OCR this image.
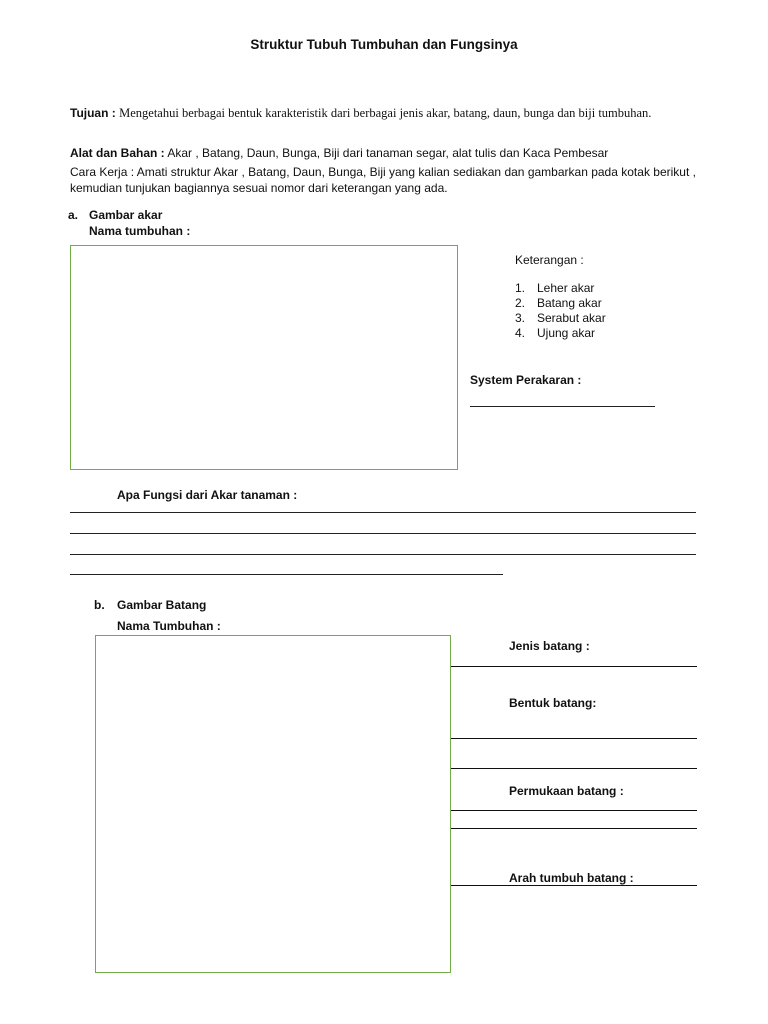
Struktur Tubuh Tumbuhan dan Fungsinya
Tujuan : Mengetahui berbagai bentuk karakteristik dari berbagai jenis akar, batang, daun, bunga dan biji tumbuhan.
Alat dan Bahan : Akar , Batang, Daun, Bunga, Biji dari tanaman segar, alat tulis dan Kaca Pembesar
Cara Kerja : Amati struktur Akar , Batang, Daun, Bunga, Biji yang kalian sediakan dan gambarkan pada kotak berikut , kemudian tunjukan bagiannya sesuai nomor dari keterangan yang ada.
a. Gambar akar
Nama tumbuhan :
Keterangan :
1. Leher akar
2. Batang akar
3. Serabut akar
4. Ujung akar
System Perakaran :
Apa Fungsi dari Akar tanaman :
b. Gambar Batang
Nama Tumbuhan :
Jenis batang :
Bentuk batang:
Permukaan batang :
Arah tumbuh batang :
